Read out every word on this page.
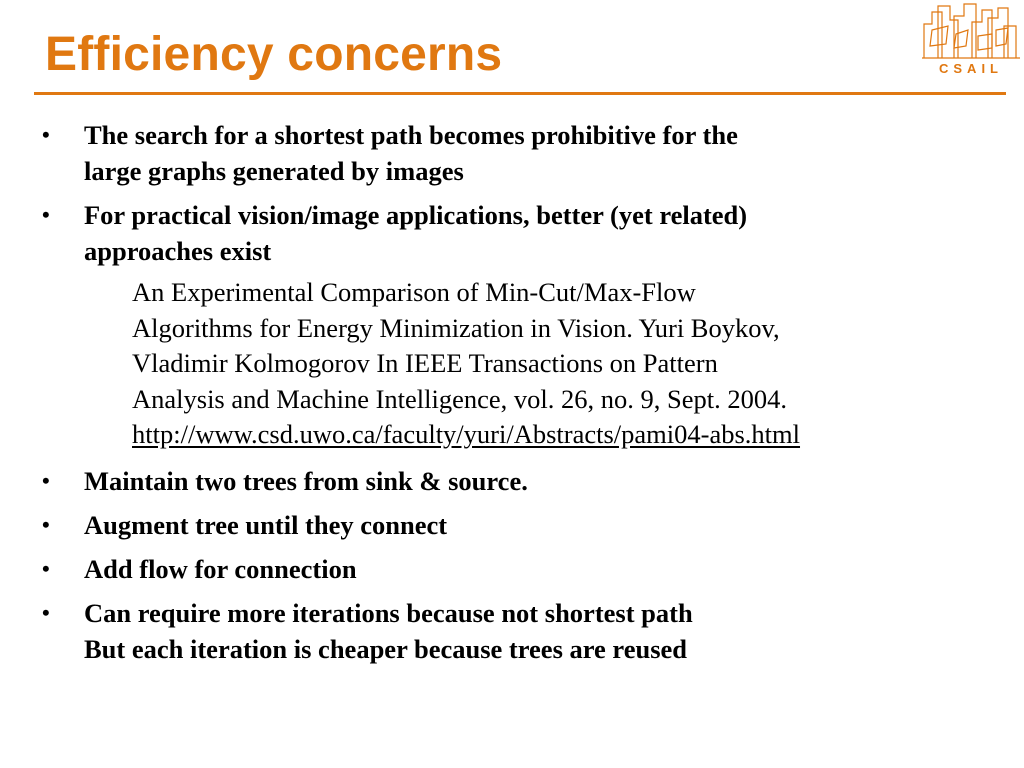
Efficiency concerns	CSAIL
•	The search for a shortest path becomes prohibitive for the
large graphs generated by images
•	For practical vision/image applications, better (yet related)
approaches exist
An Experimental Comparison of Min-Cut/Max-Flow
Algorithms for Energy Minimization in Vision. Yuri Boykov,
Vladimir Kolmogorov In IEEE Transactions on Pattern
Analysis and Machine Intelligence, vol. 26, no. 9, Sept. 2004.
http://www.csd.uwo.ca/faculty/yuri/Abstracts/pami04-abs.html
•	Maintain two trees from sink & source.
•	Augment tree until they connect
•	Add flow for connection
•	Can require more iterations because not shortest path
But each iteration is cheaper because trees are reused
